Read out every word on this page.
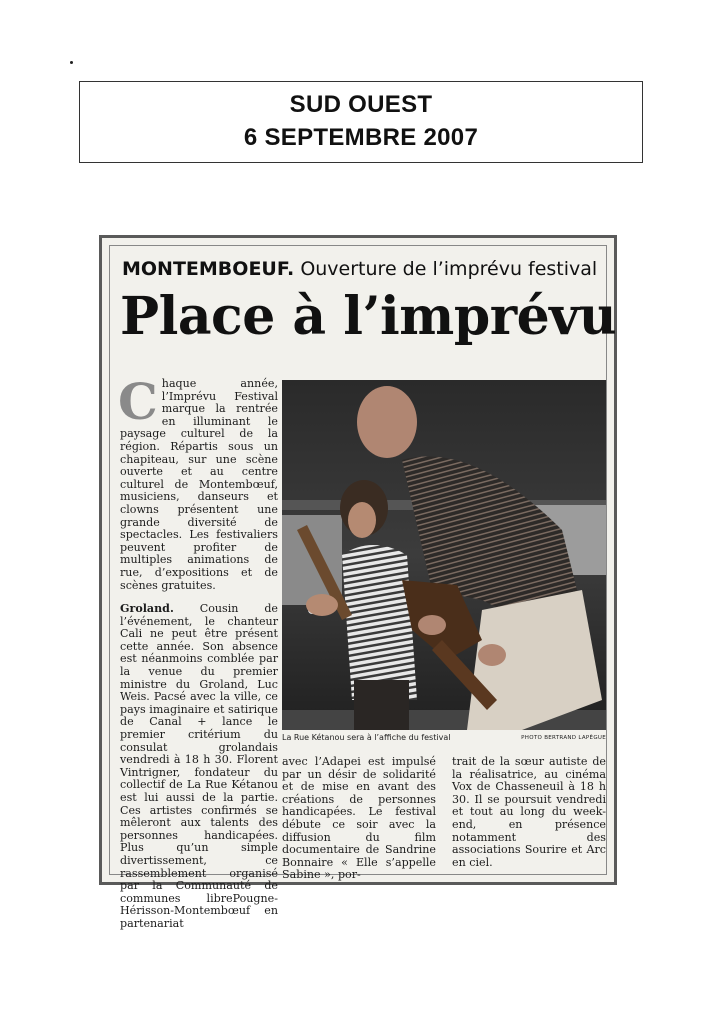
SUD OUEST
6 SEPTEMBRE 2007
MONTEMBOEUF. Ouverture de l’imprévu festival
Place à l’imprévu

Chaque année, l’Imprévu Festival marque la rentrée en illuminant le paysage culturel de la région. Répartis sous un chapiteau, sur une scène ouverte et au centre culturel de Montembœuf, musiciens, danseurs et clowns présentent une grande diversité de spectacles. Les festivaliers peuvent profiter de multiples animations de rue, d’expositions et de scènes gratuites.

Groland. Cousin de l’événement, le chanteur Cali ne peut être présent cette année. Son absence est néanmoins comblée par la venue du premier ministre du Groland, Luc Weis. Pacsé avec la ville, ce pays imaginaire et satirique de Canal + lance le premier critérium du consulat grolandais vendredi à 18 h 30. Florent Vintrigner, fondateur du collectif de La Rue Kétanou est lui aussi de la partie. Ces artistes confirmés se mêleront aux talents des personnes handicapées. Plus qu’un simple divertissement, ce rassemblement organisé par la Communauté de communes librePougne-Hérisson-Montembœuf en partenariat

La Rue Kétanou sera à l’affiche du festival	PHOTO BERTRAND LAPÈGUE

avec l’Adapei est impulsé par un désir de solidarité et de mise en avant des créations de personnes handicapées. Le festival débute ce soir avec la diffusion du film documentaire de Sandrine Bonnaire « Elle s’appelle Sabine », por-

trait de la sœur autiste de la réalisatrice, au cinéma Vox de Chasseneuil à 18 h 30. Il se poursuit vendredi et tout au long du week-end, en présence notamment des associations Sourire et Arc en ciel.
